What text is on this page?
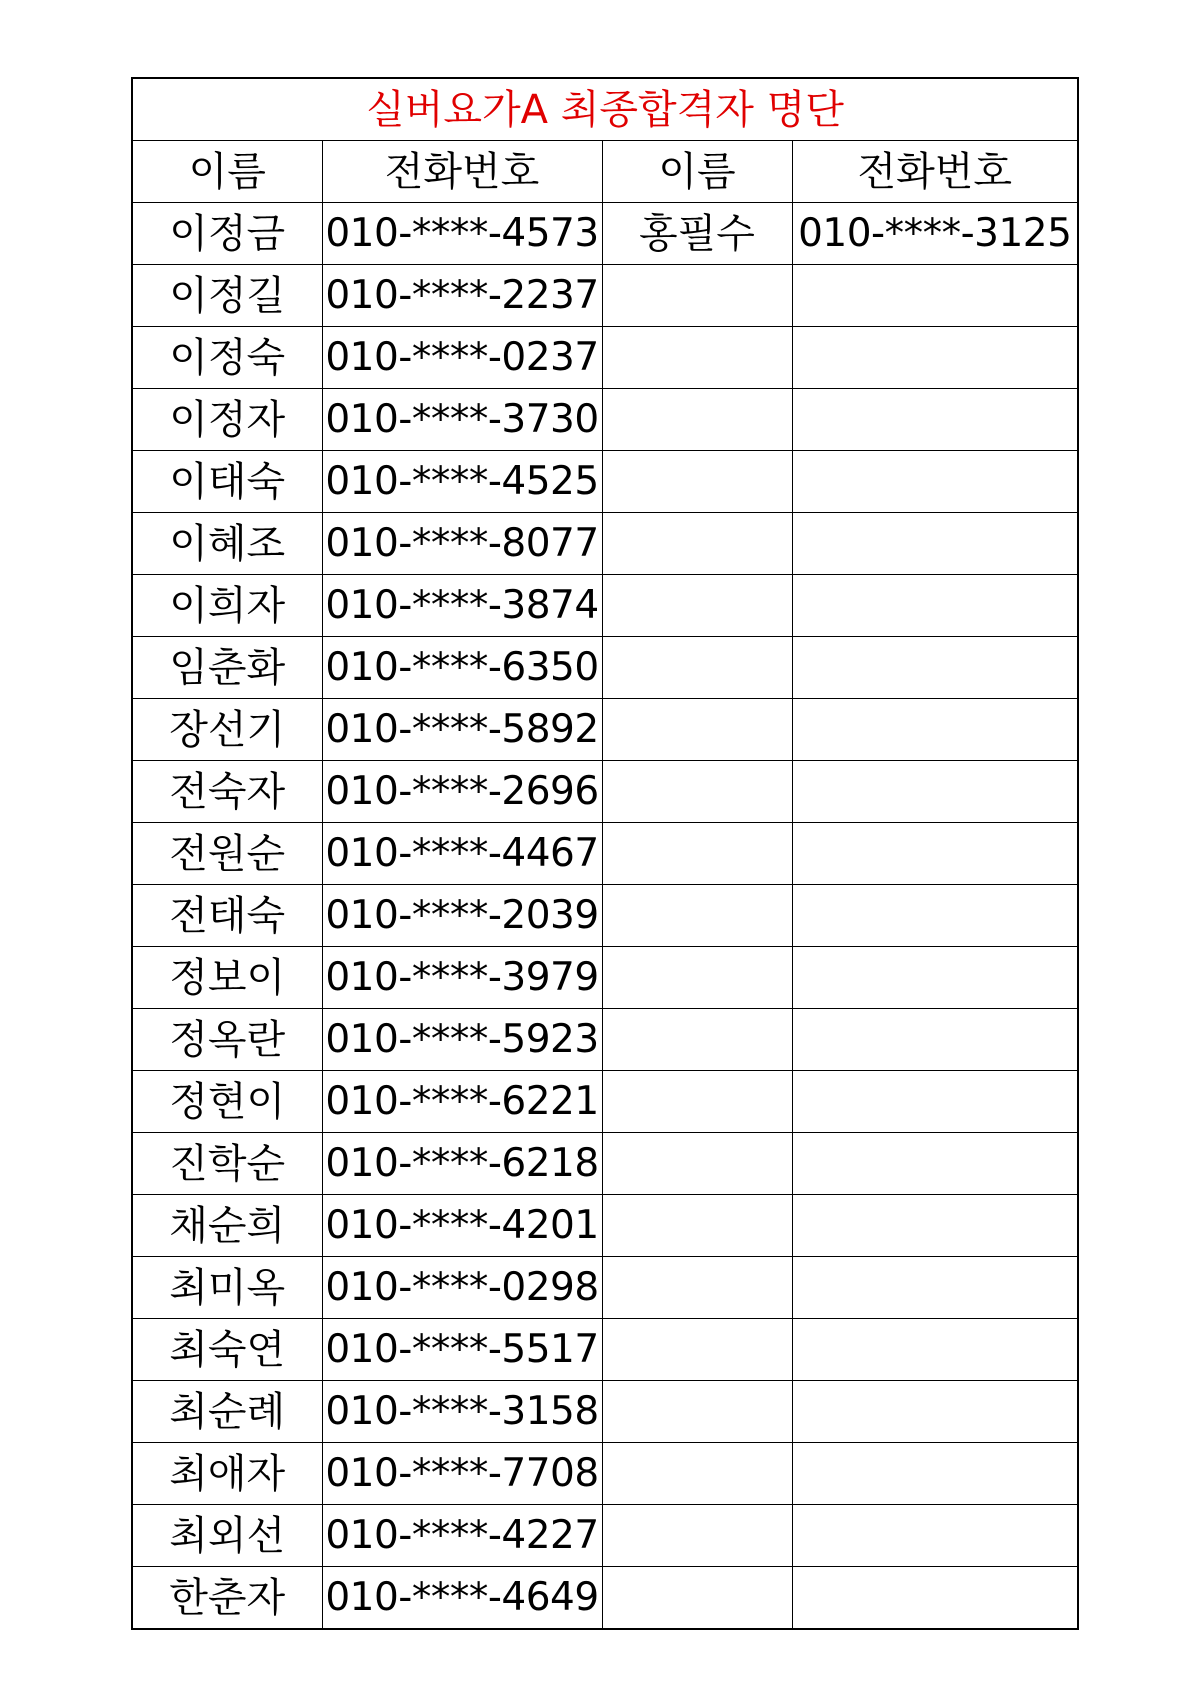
실버요가A 최종합격자 명단			
이름	전화번호	이름	전화번호
이정금	010-****-4573	홍필수	010-****-3125
이정길	010-****-2237		
이정숙	010-****-0237		
이정자	010-****-3730		
이태숙	010-****-4525		
이혜조	010-****-8077		
이희자	010-****-3874		
임춘화	010-****-6350		
장선기	010-****-5892		
전숙자	010-****-2696		
전원순	010-****-4467		
전태숙	010-****-2039		
정보이	010-****-3979		
정옥란	010-****-5923		
정현이	010-****-6221		
진학순	010-****-6218		
채순희	010-****-4201		
최미옥	010-****-0298		
최숙연	010-****-5517		
최순례	010-****-3158		
최애자	010-****-7708		
최외선	010-****-4227		
한춘자	010-****-4649		
